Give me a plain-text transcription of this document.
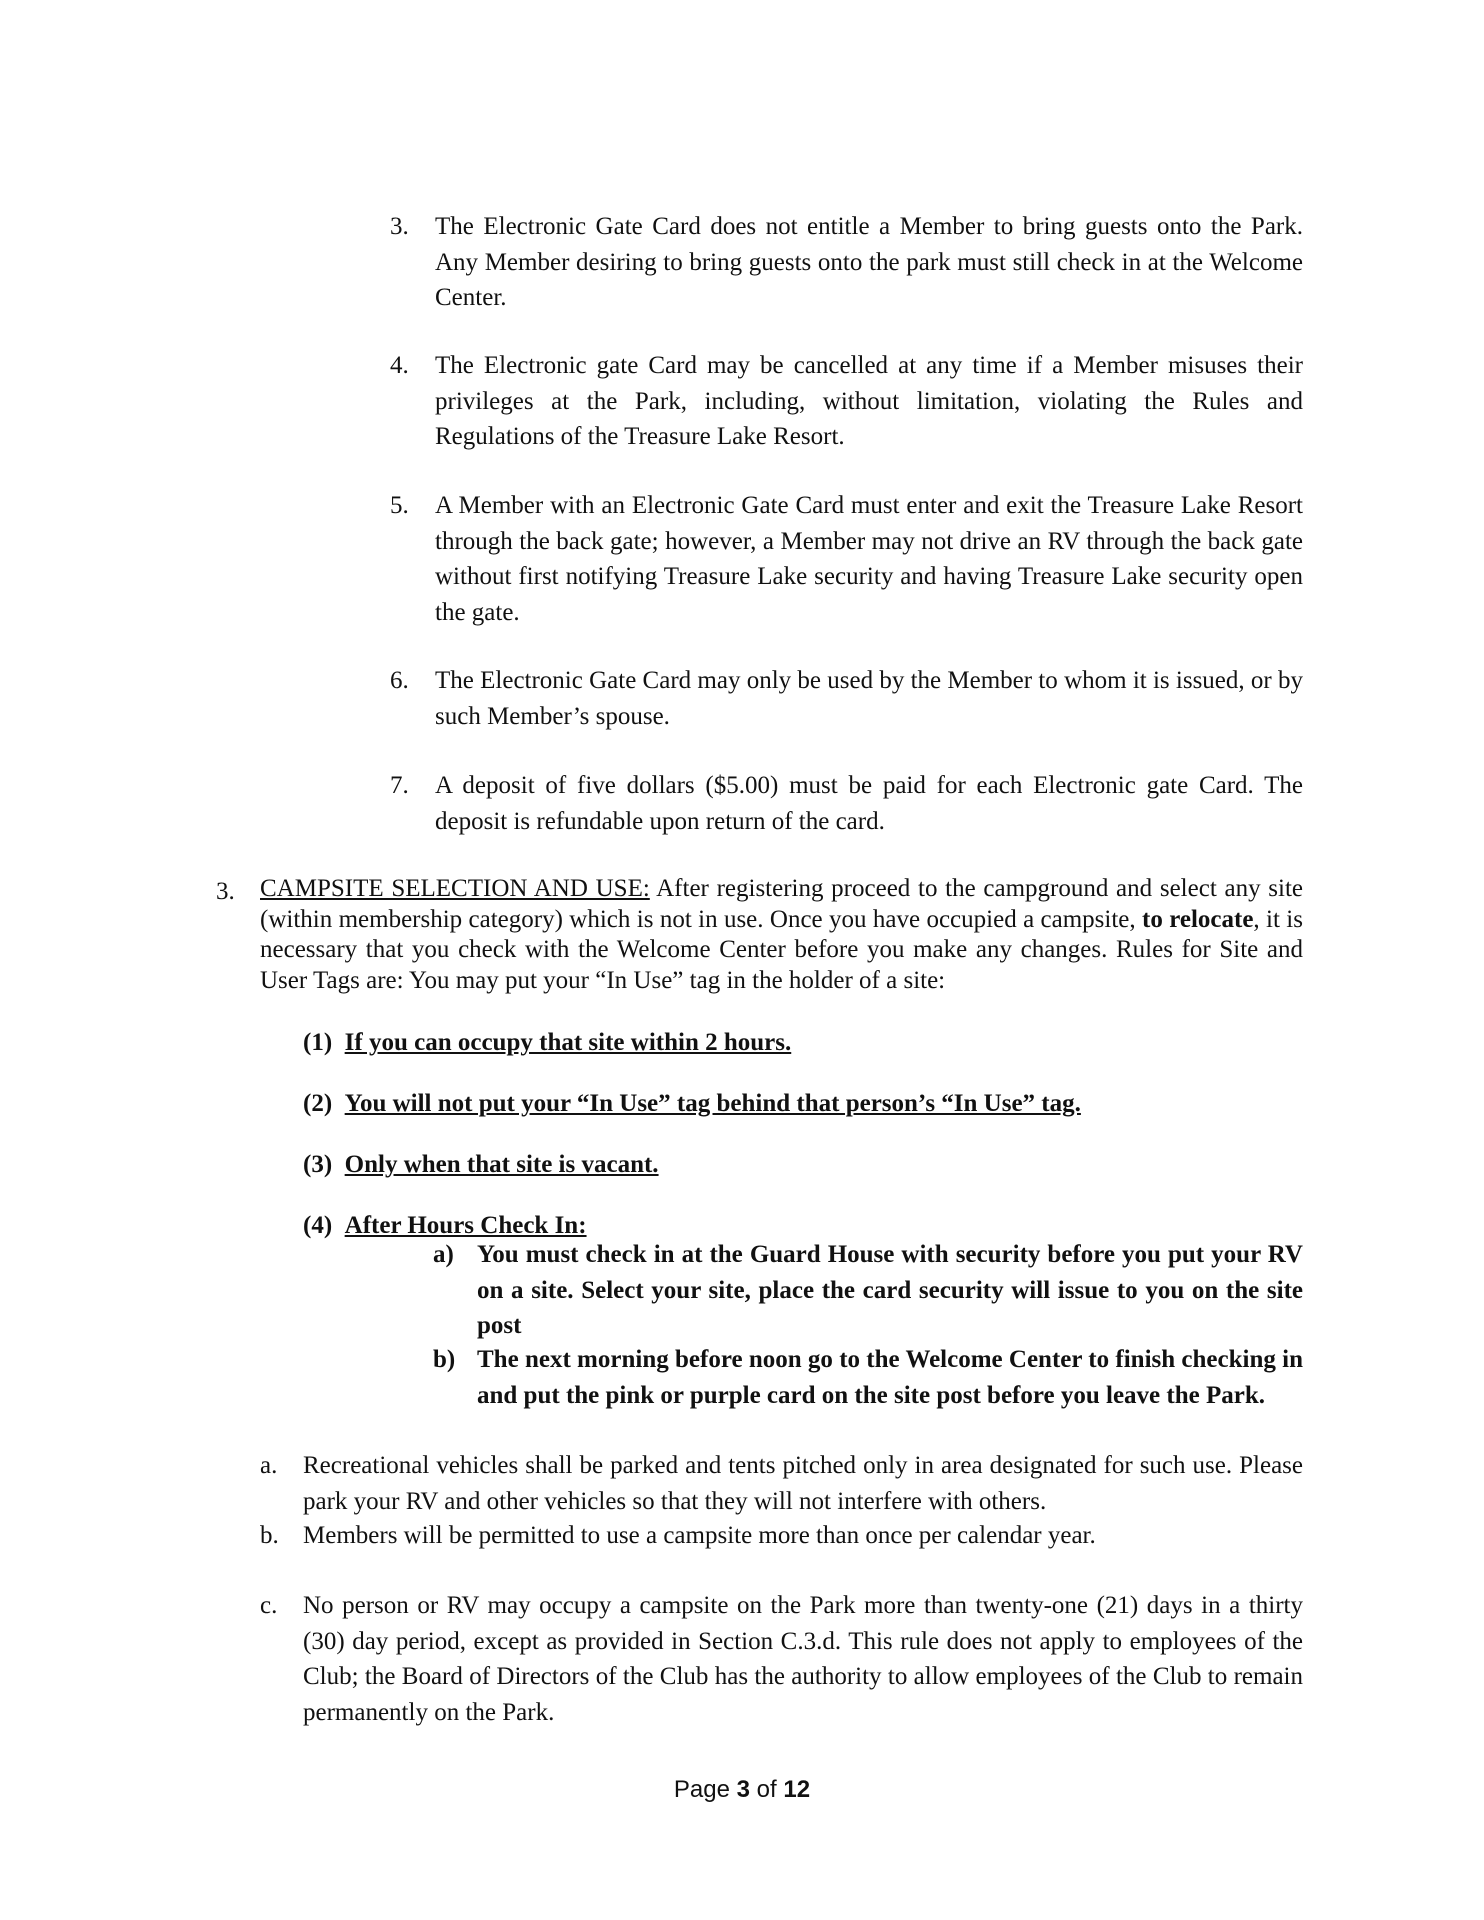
3. The Electronic Gate Card does not entitle a Member to bring guests onto the Park. Any Member desiring to bring guests onto the park must still check in at the Welcome Center.
4. The Electronic gate Card may be cancelled at any time if a Member misuses their privileges at the Park, including, without limitation, violating the Rules and Regulations of the Treasure Lake Resort.
5. A Member with an Electronic Gate Card must enter and exit the Treasure Lake Resort through the back gate; however, a Member may not drive an RV through the back gate without first notifying Treasure Lake security and having Treasure Lake security open the gate.
6. The Electronic Gate Card may only be used by the Member to whom it is issued, or by such Member’s spouse.
7. A deposit of five dollars ($5.00) must be paid for each Electronic gate Card. The deposit is refundable upon return of the card.
3. CAMPSITE SELECTION AND USE: After registering proceed to the campground and select any site (within membership category) which is not in use. Once you have occupied a campsite, to relocate, it is necessary that you check with the Welcome Center before you make any changes. Rules for Site and User Tags are: You may put your “In Use” tag in the holder of a site:
(1) If you can occupy that site within 2 hours.
(2) You will not put your “In Use” tag behind that person’s “In Use” tag.
(3) Only when that site is vacant.
(4) After Hours Check In:
a) You must check in at the Guard House with security before you put your RV on a site. Select your site, place the card security will issue to you on the site post
b) The next morning before noon go to the Welcome Center to finish checking in and put the pink or purple card on the site post before you leave the Park.
a. Recreational vehicles shall be parked and tents pitched only in area designated for such use. Please park your RV and other vehicles so that they will not interfere with others.
b. Members will be permitted to use a campsite more than once per calendar year.
c. No person or RV may occupy a campsite on the Park more than twenty-one (21) days in a thirty (30) day period, except as provided in Section C.3.d. This rule does not apply to employees of the Club; the Board of Directors of the Club has the authority to allow employees of the Club to remain permanently on the Park.
Page 3 of 12
